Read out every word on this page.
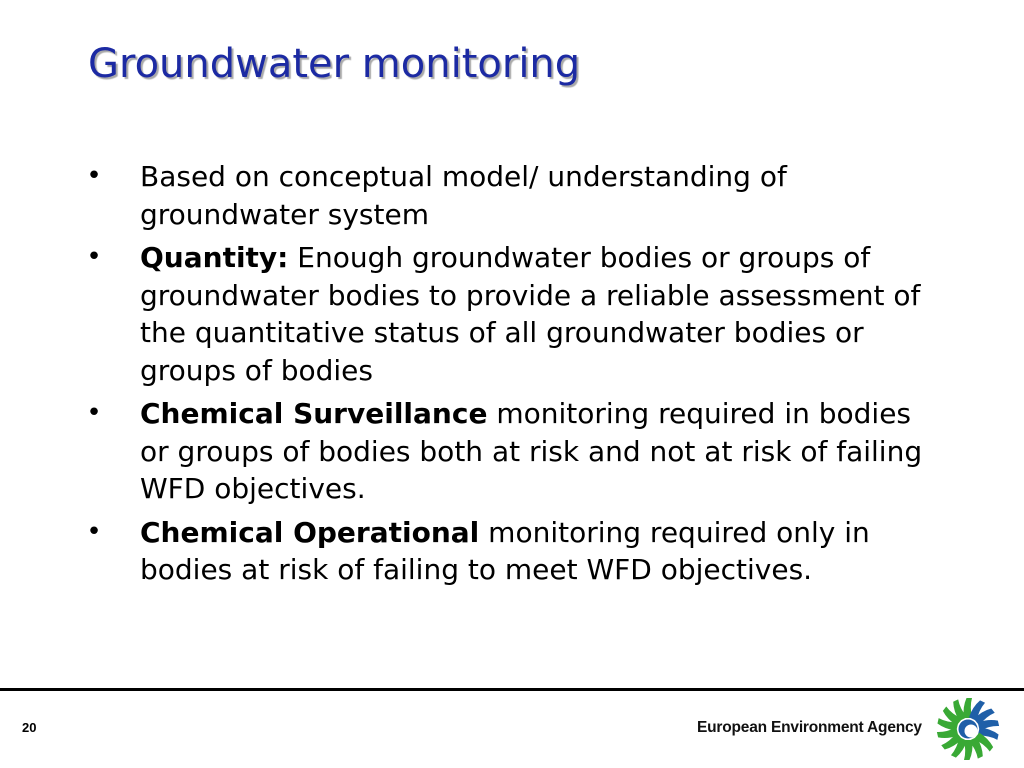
Groundwater monitoring
• Based on conceptual model/ understanding of groundwater system
• Quantity: Enough groundwater bodies or groups of groundwater bodies to provide a reliable assessment of the quantitative status of all groundwater bodies or groups of bodies
• Chemical Surveillance monitoring required in bodies or groups of bodies both at risk and not at risk of failing WFD objectives.
• Chemical Operational monitoring required only in bodies at risk of failing to meet WFD objectives.
20	European Environment Agency
